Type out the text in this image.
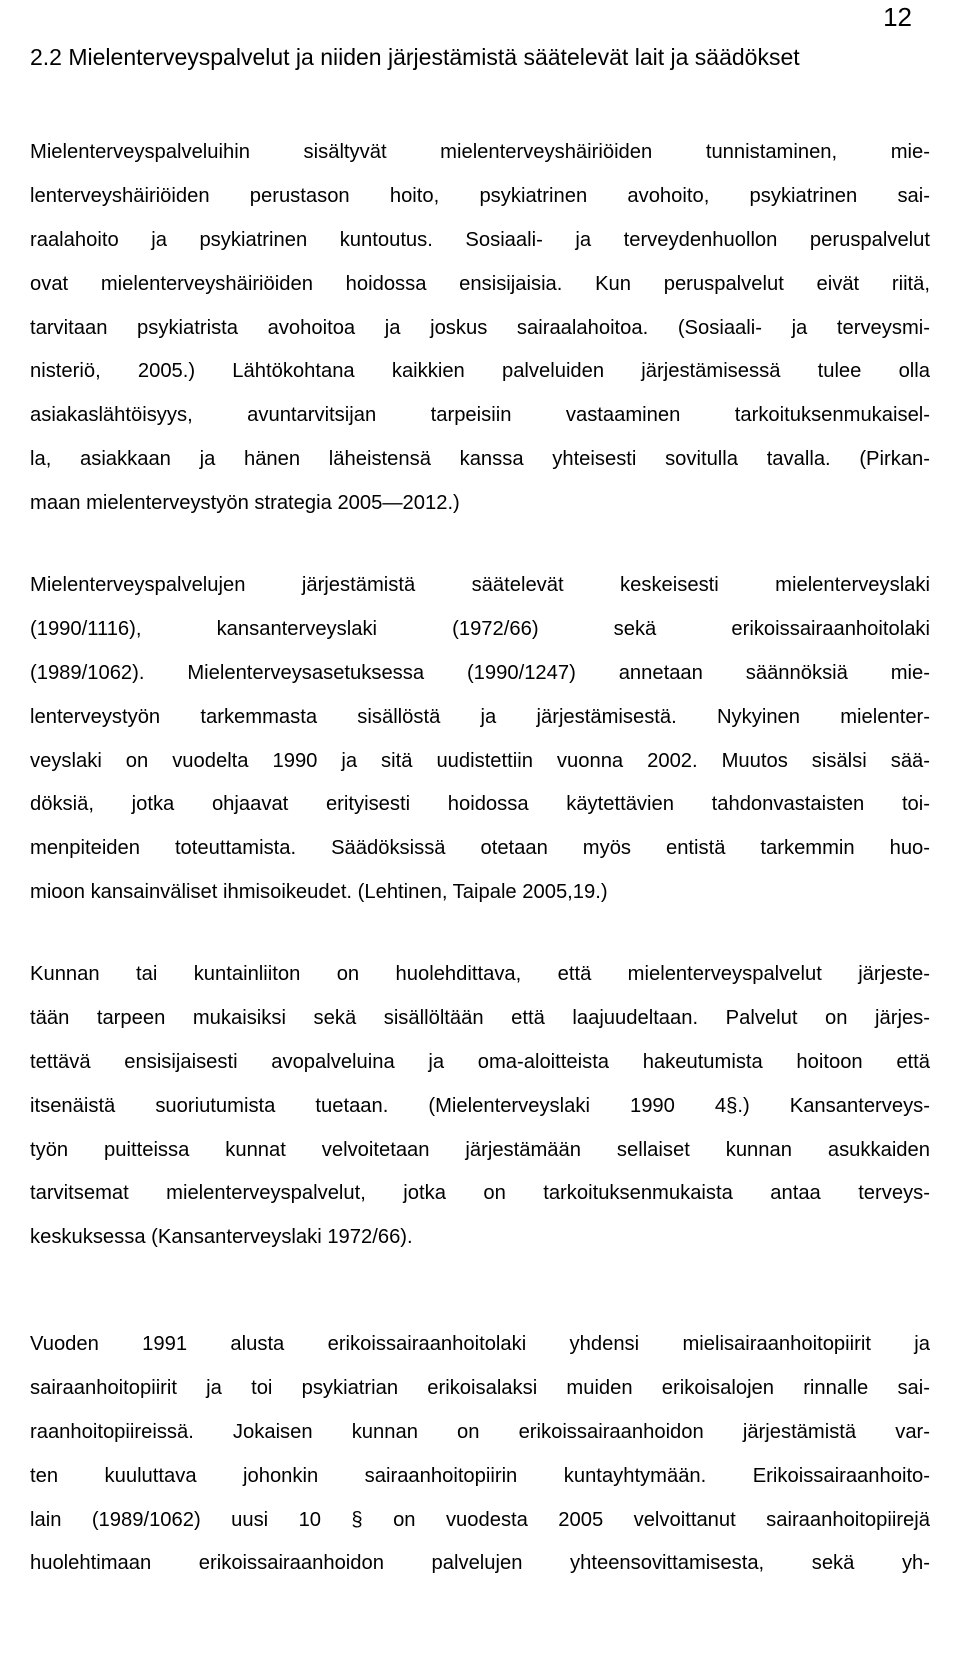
12
2.2 Mielenterveyspalvelut ja niiden järjestämistä säätelevät lait ja säädökset
Mielenterveyspalveluihin sisältyvät mielenterveyshäiriöiden tunnistaminen, mie-
lenterveyshäiriöiden perustason hoito, psykiatrinen avohoito, psykiatrinen sai-
raalahoito ja psykiatrinen kuntoutus. Sosiaali- ja terveydenhuollon peruspalvelut
ovat mielenterveyshäiriöiden hoidossa ensisijaisia. Kun peruspalvelut eivät riitä,
tarvitaan psykiatrista avohoitoa ja joskus sairaalahoitoa. (Sosiaali- ja terveysmi-
nisteriö, 2005.) Lähtökohtana kaikkien palveluiden järjestämisessä tulee olla
asiakaslähtöisyys, avuntarvitsijan tarpeisiin vastaaminen tarkoituksenmukaisel-
la, asiakkaan ja hänen läheistensä kanssa yhteisesti sovitulla tavalla. (Pirkan-
maan mielenterveystyön strategia 2005—2012.)
Mielenterveyspalvelujen järjestämistä säätelevät keskeisesti mielenterveyslaki
(1990/1116), kansanterveyslaki (1972/66) sekä erikoissairaanhoitolaki
(1989/1062). Mielenterveysasetuksessa (1990/1247) annetaan säännöksiä mie-
lenterveystyön tarkemmasta sisällöstä ja järjestämisestä. Nykyinen mielenter-
veyslaki on vuodelta 1990 ja sitä uudistettiin vuonna 2002. Muutos sisälsi sää-
döksiä, jotka ohjaavat erityisesti hoidossa käytettävien tahdonvastaisten toi-
menpiteiden toteuttamista. Säädöksissä otetaan myös entistä tarkemmin huo-
mioon kansainväliset ihmisoikeudet. (Lehtinen, Taipale 2005,19.)
Kunnan tai kuntainliiton on huolehdittava, että mielenterveyspalvelut järjeste-
tään tarpeen mukaisiksi sekä sisällöltään että laajuudeltaan. Palvelut on järjes-
tettävä ensisijaisesti avopalveluina ja oma-aloitteista hakeutumista hoitoon että
itsenäistä suoriutumista tuetaan. (Mielenterveyslaki 1990 4§.) Kansanterveys-
työn puitteissa kunnat velvoitetaan järjestämään sellaiset kunnan asukkaiden
tarvitsemat mielenterveyspalvelut, jotka on tarkoituksenmukaista antaa terveys-
keskuksessa (Kansanterveyslaki 1972/66).
Vuoden 1991 alusta erikoissairaanhoitolaki yhdensi mielisairaanhoitopiirit ja
sairaanhoitopiirit ja toi psykiatrian erikoisalaksi muiden erikoisalojen rinnalle sai-
raanhoitopiireissä. Jokaisen kunnan on erikoissairaanhoidon järjestämistä var-
ten kuuluttava johonkin sairaanhoitopiirin kuntayhtymään. Erikoissairaanhoito-
lain (1989/1062) uusi 10 § on vuodesta 2005 velvoittanut sairaanhoitopiirejä
huolehtimaan erikoissairaanhoidon palvelujen yhteensovittamisesta, sekä yh-
